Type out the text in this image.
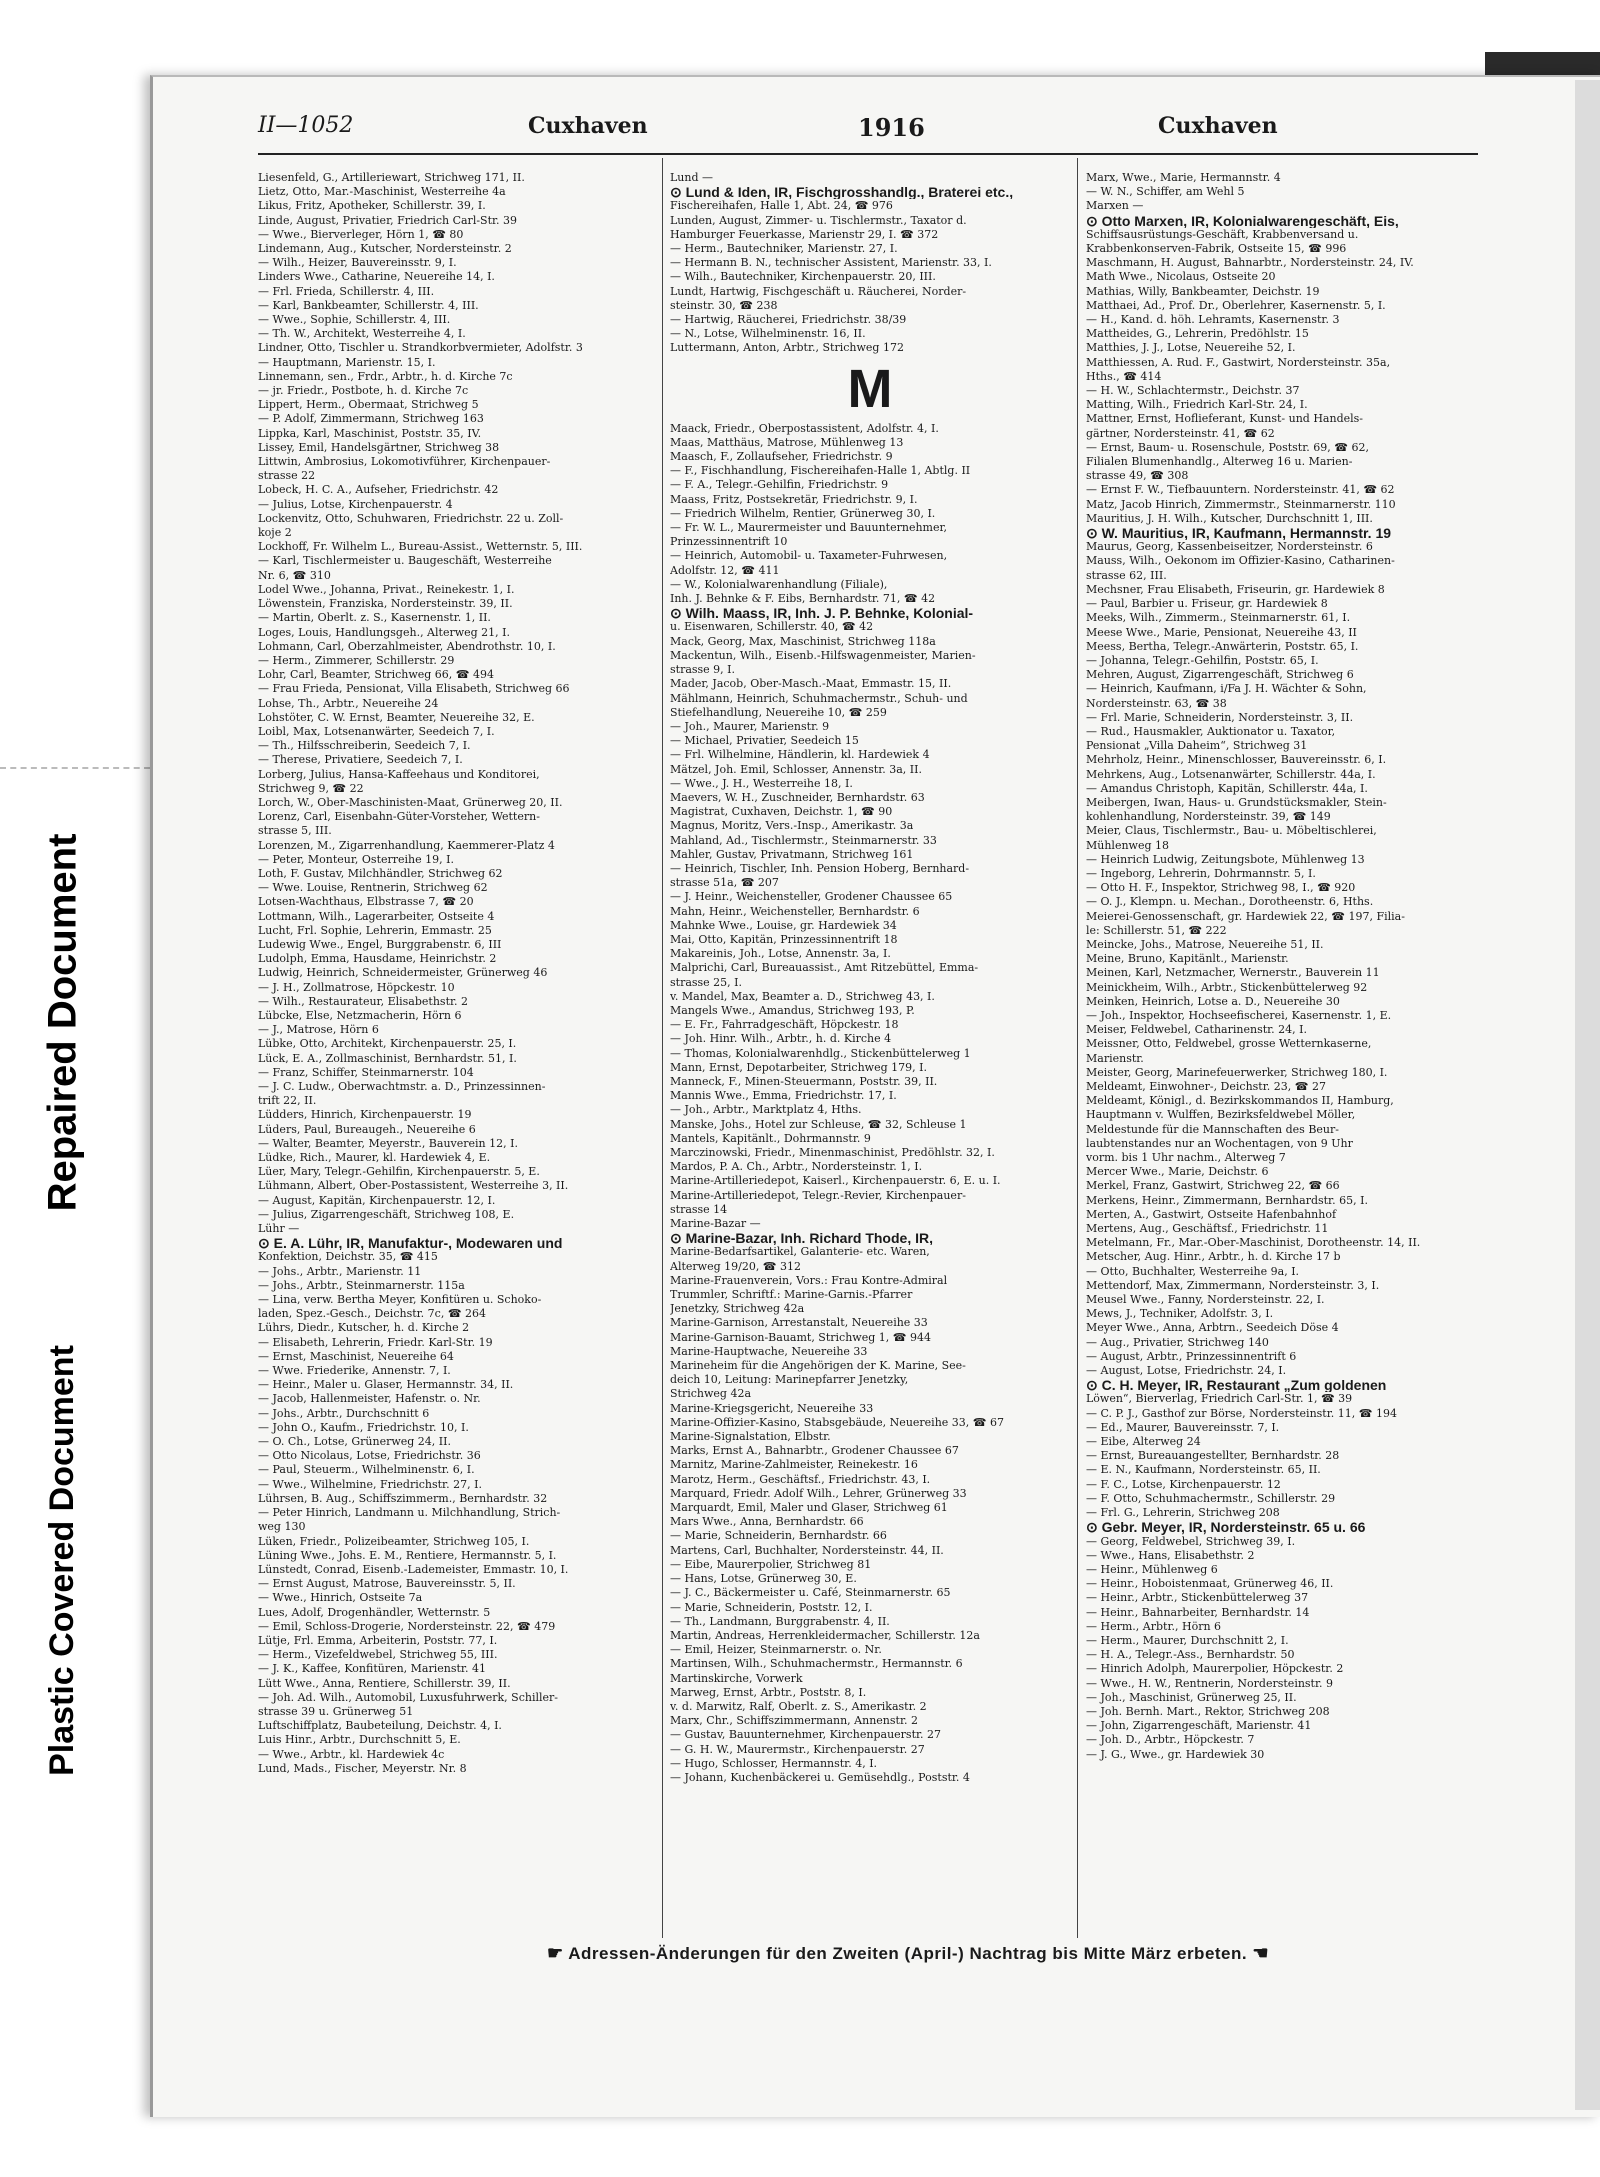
Repaired Document
Plastic Covered Document
II—1052	Cuxhaven	1916	Cuxhaven
Liesenfeld, G., Artilleriewart, Strichweg 171, II.
Lietz, Otto, Mar.-Maschinist, Westerreihe 4a
Likus, Fritz, Apotheker, Schillerstr. 39, I.
Linde, August, Privatier, Friedrich Carl-Str. 39
— Wwe., Bierverleger, Hörn 1, ☎ 80
Lindemann, Aug., Kutscher, Nordersteinstr. 2
— Wilh., Heizer, Bauvereinsstr. 9, I.
Linders Wwe., Catharine, Neuereihe 14, I.
— Frl. Frieda, Schillerstr. 4, III.
— Karl, Bankbeamter, Schillerstr. 4, III.
— Wwe., Sophie, Schillerstr. 4, III.
— Th. W., Architekt, Westerreihe 4, I.
Lindner, Otto, Tischler u. Strandkorbvermieter, Adolfstr. 3
— Hauptmann, Marienstr. 15, I.
Linnemann, sen., Frdr., Arbtr., h. d. Kirche 7c
— jr. Friedr., Postbote, h. d. Kirche 7c
Lippert, Herm., Obermaat, Strichweg 5
— P. Adolf, Zimmermann, Strichweg 163
Lippka, Karl, Maschinist, Poststr. 35, IV.
Lissey, Emil, Handelsgärtner, Strichweg 38
Littwin, Ambrosius, Lokomotivführer, Kirchenpauer-
strasse 22
Lobeck, H. C. A., Aufseher, Friedrichstr. 42
— Julius, Lotse, Kirchenpauerstr. 4
Lockenvitz, Otto, Schuhwaren, Friedrichstr. 22 u. Zoll-
koje 2
Lockhoff, Fr. Wilhelm L., Bureau-Assist., Wetternstr. 5, III.
— Karl, Tischlermeister u. Baugeschäft, Westerreihe
Nr. 6, ☎ 310
Lodel Wwe., Johanna, Privat., Reinekestr. 1, I.
Löwenstein, Franziska, Nordersteinstr. 39, II.
— Martin, Oberlt. z. S., Kasernenstr. 1, II.
Loges, Louis, Handlungsgeh., Alterweg 21, I.
Lohmann, Carl, Oberzahlmeister, Abendrothstr. 10, I.
— Herm., Zimmerer, Schillerstr. 29
Lohr, Carl, Beamter, Strichweg 66, ☎ 494
— Frau Frieda, Pensionat, Villa Elisabeth, Strichweg 66
Lohse, Th., Arbtr., Neuereihe 24
Lohstöter, C. W. Ernst, Beamter, Neuereihe 32, E.
Loibl, Max, Lotsenanwärter, Seedeich 7, I.
— Th., Hilfsschreiberin, Seedeich 7, I.
— Therese, Privatiere, Seedeich 7, I.
Lorberg, Julius, Hansa-Kaffeehaus und Konditorei,
Strichweg 9, ☎ 22
Lorch, W., Ober-Maschinisten-Maat, Grünerweg 20, II.
Lorenz, Carl, Eisenbahn-Güter-Vorsteher, Wettern-
strasse 5, III.
Lorenzen, M., Zigarrenhandlung, Kaemmerer-Platz 4
— Peter, Monteur, Osterreihe 19, I.
Loth, F. Gustav, Milchhändler, Strichweg 62
— Wwe. Louise, Rentnerin, Strichweg 62
Lotsen-Wachthaus, Elbstrasse 7, ☎ 20
Lottmann, Wilh., Lagerarbeiter, Ostseite 4
Lucht, Frl. Sophie, Lehrerin, Emmastr. 25
Ludewig Wwe., Engel, Burggrabenstr. 6, III
Ludolph, Emma, Hausdame, Heinrichstr. 2
Ludwig, Heinrich, Schneidermeister, Grünerweg 46
— J. H., Zollmatrose, Höpckestr. 10
— Wilh., Restaurateur, Elisabethstr. 2
Lübcke, Else, Netzmacherin, Hörn 6
— J., Matrose, Hörn 6
Lübke, Otto, Architekt, Kirchenpauerstr. 25, I.
Lück, E. A., Zollmaschinist, Bernhardstr. 51, I.
— Franz, Schiffer, Steinmarnerstr. 104
— J. C. Ludw., Oberwachtmstr. a. D., Prinzessinnen-
trift 22, II.
Lüdders, Hinrich, Kirchenpauerstr. 19
Lüders, Paul, Bureaugeh., Neuereihe 6
— Walter, Beamter, Meyerstr., Bauverein 12, I.
Lüdke, Rich., Maurer, kl. Hardewiek 4, E.
Lüer, Mary, Telegr.-Gehilfin, Kirchenpauerstr. 5, E.
Lühmann, Albert, Ober-Postassistent, Westerreihe 3, II.
— August, Kapitän, Kirchenpauerstr. 12, I.
— Julius, Zigarrengeschäft, Strichweg 108, E.
Lühr —
⊙ E. A. Lühr, IR, Manufaktur-, Modewaren und
Konfektion, Deichstr. 35, ☎ 415
— Johs., Arbtr., Marienstr. 11
— Johs., Arbtr., Steinmarnerstr. 115a
— Lina, verw. Bertha Meyer, Konfitüren u. Schoko-
laden, Spez.-Gesch., Deichstr. 7c, ☎ 264
Lührs, Diedr., Kutscher, h. d. Kirche 2
— Elisabeth, Lehrerin, Friedr. Karl-Str. 19
— Ernst, Maschinist, Neuereihe 64
— Wwe. Friederike, Annenstr. 7, I.
— Heinr., Maler u. Glaser, Hermannstr. 34, II.
— Jacob, Hallenmeister, Hafenstr. o. Nr.
— Johs., Arbtr., Durchschnitt 6
— John O., Kaufm., Friedrichstr. 10, I.
— O. Ch., Lotse, Grünerweg 24, II.
— Otto Nicolaus, Lotse, Friedrichstr. 36
— Paul, Steuerm., Wilhelminenstr. 6, I.
— Wwe., Wilhelmine, Friedrichstr. 27, I.
Lührsen, B. Aug., Schiffszimmerm., Bernhardstr. 32
— Peter Hinrich, Landmann u. Milchhandlung, Strich-
weg 130
Lüken, Friedr., Polizeibeamter, Strichweg 105, I.
Lüning Wwe., Johs. E. M., Rentiere, Hermannstr. 5, I.
Lünstedt, Conrad, Eisenb.-Lademeister, Emmastr. 10, I.
— Ernst August, Matrose, Bauvereinsstr. 5, II.
— Wwe., Hinrich, Ostseite 7a
Lues, Adolf, Drogenhändler, Wetternstr. 5
— Emil, Schloss-Drogerie, Nordersteinstr. 22, ☎ 479
Lütje, Frl. Emma, Arbeiterin, Poststr. 77, I.
— Herm., Vizefeldwebel, Strichweg 55, III.
— J. K., Kaffee, Konfitüren, Marienstr. 41
Lütt Wwe., Anna, Rentiere, Schillerstr. 39, II.
— Joh. Ad. Wilh., Automobil, Luxusfuhrwerk, Schiller-
strasse 39 u. Grünerweg 51
Luftschiffplatz, Baubeteilung, Deichstr. 4, I.
Luis Hinr., Arbtr., Durchschnitt 5, E.
— Wwe., Arbtr., kl. Hardewiek 4c
Lund, Mads., Fischer, Meyerstr. Nr. 8
Lund —
⊙ Lund & Iden, IR, Fischgrosshandlg., Braterei etc.,
Fischereihafen, Halle 1, Abt. 24, ☎ 976
Lunden, August, Zimmer- u. Tischlermstr., Taxator d.
Hamburger Feuerkasse, Marienstr 29, I. ☎ 372
— Herm., Bautechniker, Marienstr. 27, I.
— Hermann B. N., technischer Assistent, Marienstr. 33, I.
— Wilh., Bautechniker, Kirchenpauerstr. 20, III.
Lundt, Hartwig, Fischgeschäft u. Räucherei, Norder-
steinstr. 30, ☎ 238
— Hartwig, Räucherei, Friedrichstr. 38/39
— N., Lotse, Wilhelminenstr. 16, II.
Luttermann, Anton, Arbtr., Strichweg 172
M
Maack, Friedr., Oberpostassistent, Adolfstr. 4, I.
Maas, Matthäus, Matrose, Mühlenweg 13
Maasch, F., Zollaufseher, Friedrichstr. 9
— F., Fischhandlung, Fischereihafen-Halle 1, Abtlg. II
— F. A., Telegr.-Gehilfin, Friedrichstr. 9
Maass, Fritz, Postsekretär, Friedrichstr. 9, I.
— Friedrich Wilhelm, Rentier, Grünerweg 30, I.
— Fr. W. L., Maurermeister und Bauunternehmer,
Prinzessinnentrift 10
— Heinrich, Automobil- u. Taxameter-Fuhrwesen,
Adolfstr. 12, ☎ 411
— W., Kolonialwarenhandlung (Filiale),
Inh. J. Behnke & F. Eibs, Bernhardstr. 71, ☎ 42
⊙ Wilh. Maass, IR, Inh. J. P. Behnke, Kolonial-
u. Eisenwaren, Schillerstr. 40, ☎ 42
Mack, Georg, Max, Maschinist, Strichweg 118a
Mackentun, Wilh., Eisenb.-Hilfswagenmeister, Marien-
strasse 9, I.
Mader, Jacob, Ober-Masch.-Maat, Emmastr. 15, II.
Mählmann, Heinrich, Schuhmachermstr., Schuh- und
Stiefelhandlung, Neuereihe 10, ☎ 259
— Joh., Maurer, Marienstr. 9
— Michael, Privatier, Seedeich 15
— Frl. Wilhelmine, Händlerin, kl. Hardewiek 4
Mätzel, Joh. Emil, Schlosser, Annenstr. 3a, II.
— Wwe., J. H., Westerreihe 18, I.
Maevers, W. H., Zuschneider, Bernhardstr. 63
Magistrat, Cuxhaven, Deichstr. 1, ☎ 90
Magnus, Moritz, Vers.-Insp., Amerikastr. 3a
Mahland, Ad., Tischlermstr., Steinmarnerstr. 33
Mahler, Gustav, Privatmann, Strichweg 161
— Heinrich, Tischler, Inh. Pension Hoberg, Bernhard-
strasse 51a, ☎ 207
— J. Heinr., Weichensteller, Grodener Chaussee 65
Mahn, Heinr., Weichensteller, Bernhardstr. 6
Mahnke Wwe., Louise, gr. Hardewiek 34
Mai, Otto, Kapitän, Prinzessinnentrift 18
Makareinis, Joh., Lotse, Annenstr. 3a, I.
Malprichi, Carl, Bureauassist., Amt Ritzebüttel, Emma-
strasse 25, I.
v. Mandel, Max, Beamter a. D., Strichweg 43, I.
Mangels Wwe., Amandus, Strichweg 193, P.
— E. Fr., Fahrradgeschäft, Höpckestr. 18
— Joh. Hinr. Wilh., Arbtr., h. d. Kirche 4
— Thomas, Kolonialwarenhdlg., Stickenbüttelerweg 1
Mann, Ernst, Depotarbeiter, Strichweg 179, I.
Manneck, F., Minen-Steuermann, Poststr. 39, II.
Mannis Wwe., Emma, Friedrichstr. 17, I.
— Joh., Arbtr., Marktplatz 4, Hths.
Manske, Johs., Hotel zur Schleuse, ☎ 32, Schleuse 1
Mantels, Kapitänlt., Dohrmannstr. 9
Marczinowski, Friedr., Minenmaschinist, Predöhlstr. 32, I.
Mardos, P. A. Ch., Arbtr., Nordersteinstr. 1, I.
Marine-Artilleriedepot, Kaiserl., Kirchenpauerstr. 6, E. u. I.
Marine-Artilleriedepot, Telegr.-Revier, Kirchenpauer-
strasse 14
Marine-Bazar —
⊙ Marine-Bazar, Inh. Richard Thode, IR,
Marine-Bedarfsartikel, Galanterie- etc. Waren,
Alterweg 19/20, ☎ 312
Marine-Frauenverein, Vors.: Frau Kontre-Admiral
Trummler, Schriftf.: Marine-Garnis.-Pfarrer
Jenetzky, Strichweg 42a
Marine-Garnison, Arrestanstalt, Neuereihe 33
Marine-Garnison-Bauamt, Strichweg 1, ☎ 944
Marine-Hauptwache, Neuereihe 33
Marineheim für die Angehörigen der K. Marine, See-
deich 10, Leitung: Marinepfarrer Jenetzky,
Strichweg 42a
Marine-Kriegsgericht, Neuereihe 33
Marine-Offizier-Kasino, Stabsgebäude, Neuereihe 33, ☎ 67
Marine-Signalstation, Elbstr.
Marks, Ernst A., Bahnarbtr., Grodener Chaussee 67
Marnitz, Marine-Zahlmeister, Reinekestr. 16
Marotz, Herm., Geschäftsf., Friedrichstr. 43, I.
Marquard, Friedr. Adolf Wilh., Lehrer, Grünerweg 33
Marquardt, Emil, Maler und Glaser, Strichweg 61
Mars Wwe., Anna, Bernhardstr. 66
— Marie, Schneiderin, Bernhardstr. 66
Martens, Carl, Buchhalter, Nordersteinstr. 44, II.
— Eibe, Maurerpolier, Strichweg 81
— Hans, Lotse, Grünerweg 30, E.
— J. C., Bäckermeister u. Café, Steinmarnerstr. 65
— Marie, Schneiderin, Poststr. 12, I.
— Th., Landmann, Burggrabenstr. 4, II.
Martin, Andreas, Herrenkleidermacher, Schillerstr. 12a
— Emil, Heizer, Steinmarnerstr. o. Nr.
Martinsen, Wilh., Schuhmachermstr., Hermannstr. 6
Martinskirche, Vorwerk
Marweg, Ernst, Arbtr., Poststr. 8, I.
v. d. Marwitz, Ralf, Oberlt. z. S., Amerikastr. 2
Marx, Chr., Schiffszimmermann, Annenstr. 2
— Gustav, Bauunternehmer, Kirchenpauerstr. 27
— G. H. W., Maurermstr., Kirchenpauerstr. 27
— Hugo, Schlosser, Hermannstr. 4, I.
— Johann, Kuchenbäckerei u. Gemüsehdlg., Poststr. 4
Marx, Wwe., Marie, Hermannstr. 4
— W. N., Schiffer, am Wehl 5
Marxen —
⊙ Otto Marxen, IR, Kolonialwarengeschäft, Eis,
Schiffsausrüstungs-Geschäft, Krabbenversand u.
Krabbenkonserven-Fabrik, Ostseite 15, ☎ 996
Maschmann, H. August, Bahnarbtr., Nordersteinstr. 24, IV.
Math Wwe., Nicolaus, Ostseite 20
Mathias, Willy, Bankbeamter, Deichstr. 19
Matthaei, Ad., Prof. Dr., Oberlehrer, Kasernenstr. 5, I.
— H., Kand. d. höh. Lehramts, Kasernenstr. 3
Mattheides, G., Lehrerin, Predöhlstr. 15
Matthies, J. J., Lotse, Neuereihe 52, I.
Matthiessen, A. Rud. F., Gastwirt, Nordersteinstr. 35a,
Hths., ☎ 414
— H. W., Schlachtermstr., Deichstr. 37
Matting, Wilh., Friedrich Karl-Str. 24, I.
Mattner, Ernst, Hoflieferant, Kunst- und Handels-
gärtner, Nordersteinstr. 41, ☎ 62
— Ernst, Baum- u. Rosenschule, Poststr. 69, ☎ 62,
Filialen Blumenhandlg., Alterweg 16 u. Marien-
strasse 49, ☎ 308
— Ernst F. W., Tiefbauuntern. Nordersteinstr. 41, ☎ 62
Matz, Jacob Hinrich, Zimmermstr., Steinmarnerstr. 110
Mauritius, J. H. Wilh., Kutscher, Durchschnitt 1, III.
⊙ W. Mauritius, IR, Kaufmann, Hermannstr. 19
Maurus, Georg, Kassenbeiseitzer, Nordersteinstr. 6
Mauss, Wilh., Oekonom im Offizier-Kasino, Catharinen-
strasse 62, III.
Mechsner, Frau Elisabeth, Friseurin, gr. Hardewiek 8
— Paul, Barbier u. Friseur, gr. Hardewiek 8
Meeks, Wilh., Zimmerm., Steinmarnerstr. 61, I.
Meese Wwe., Marie, Pensionat, Neuereihe 43, II
Meess, Bertha, Telegr.-Anwärterin, Poststr. 65, I.
— Johanna, Telegr.-Gehilfin, Poststr. 65, I.
Mehren, August, Zigarrengeschäft, Strichweg 6
— Heinrich, Kaufmann, i/Fa J. H. Wächter & Sohn,
Nordersteinstr. 63, ☎ 38
— Frl. Marie, Schneiderin, Nordersteinstr. 3, II.
— Rud., Hausmakler, Auktionator u. Taxator,
Pensionat „Villa Daheim“, Strichweg 31
Mehrholz, Heinr., Minenschlosser, Bauvereinsstr. 6, I.
Mehrkens, Aug., Lotsenanwärter, Schillerstr. 44a, I.
— Amandus Christoph, Kapitän, Schillerstr. 44a, I.
Meibergen, Iwan, Haus- u. Grundstücksmakler, Stein-
kohlenhandlung, Nordersteinstr. 39, ☎ 149
Meier, Claus, Tischlermstr., Bau- u. Möbeltischlerei,
Mühlenweg 18
— Heinrich Ludwig, Zeitungsbote, Mühlenweg 13
— Ingeborg, Lehrerin, Dohrmannstr. 5, I.
— Otto H. F., Inspektor, Strichweg 98, I., ☎ 920
— O. J., Klempn. u. Mechan., Dorotheenstr. 6, Hths.
Meierei-Genossenschaft, gr. Hardewiek 22, ☎ 197, Filia-
le: Schillerstr. 51, ☎ 222
Meincke, Johs., Matrose, Neuereihe 51, II.
Meine, Bruno, Kapitänlt., Marienstr.
Meinen, Karl, Netzmacher, Wernerstr., Bauverein 11
Meinickheim, Wilh., Arbtr., Stickenbüttelerweg 92
Meinken, Heinrich, Lotse a. D., Neuereihe 30
— Joh., Inspektor, Hochseefischerei, Kasernenstr. 1, E.
Meiser, Feldwebel, Catharinenstr. 24, I.
Meissner, Otto, Feldwebel, grosse Wetternkaserne,
Marienstr.
Meister, Georg, Marinefeuerwerker, Strichweg 180, I.
Meldeamt, Einwohner-, Deichstr. 23, ☎ 27
Meldeamt, Königl., d. Bezirkskommandos II, Hamburg,
Hauptmann v. Wulffen, Bezirksfeldwebel Möller,
Meldestunde für die Mannschaften des Beur-
laubtenstandes nur an Wochentagen, von 9 Uhr
vorm. bis 1 Uhr nachm., Alterweg 7
Mercer Wwe., Marie, Deichstr. 6
Merkel, Franz, Gastwirt, Strichweg 22, ☎ 66
Merkens, Heinr., Zimmermann, Bernhardstr. 65, I.
Merten, A., Gastwirt, Ostseite Hafenbahnhof
Mertens, Aug., Geschäftsf., Friedrichstr. 11
Metelmann, Fr., Mar.-Ober-Maschinist, Dorotheenstr. 14, II.
Metscher, Aug. Hinr., Arbtr., h. d. Kirche 17 b
— Otto, Buchhalter, Westerreihe 9a, I.
Mettendorf, Max, Zimmermann, Nordersteinstr. 3, I.
Meusel Wwe., Fanny, Nordersteinstr. 22, I.
Mews, J., Techniker, Adolfstr. 3, I.
Meyer Wwe., Anna, Arbtrn., Seedeich Döse 4
— Aug., Privatier, Strichweg 140
— August, Arbtr., Prinzessinnentrift 6
— August, Lotse, Friedrichstr. 24, I.
⊙ C. H. Meyer, IR, Restaurant „Zum goldenen
Löwen“, Bierverlag, Friedrich Carl-Str. 1, ☎ 39
— C. P. J., Gasthof zur Börse, Nordersteinstr. 11, ☎ 194
— Ed., Maurer, Bauvereinsstr. 7, I.
— Eibe, Alterweg 24
— Ernst, Bureauangestellter, Bernhardstr. 28
— E. N., Kaufmann, Nordersteinstr. 65, II.
— F. C., Lotse, Kirchenpauerstr. 12
— F. Otto, Schuhmachermstr., Schillerstr. 29
— Frl. G., Lehrerin, Strichweg 208
⊙ Gebr. Meyer, IR, Nordersteinstr. 65 u. 66
— Georg, Feldwebel, Strichweg 39, I.
— Wwe., Hans, Elisabethstr. 2
— Heinr., Mühlenweg 6
— Heinr., Hoboistenmaat, Grünerweg 46, II.
— Heinr., Arbtr., Stickenbüttelerweg 37
— Heinr., Bahnarbeiter, Bernhardstr. 14
— Herm., Arbtr., Hörn 6
— Herm., Maurer, Durchschnitt 2, I.
— H. A., Telegr.-Ass., Bernhardstr. 50
— Hinrich Adolph, Maurerpolier, Höpckestr. 2
— Wwe., H. W., Rentnerin, Nordersteinstr. 9
— Joh., Maschinist, Grünerweg 25, II.
— Joh. Bernh. Mart., Rektor, Strichweg 208
— John, Zigarrengeschäft, Marienstr. 41
— Joh. D., Arbtr., Höpckestr. 7
— J. G., Wwe., gr. Hardewiek 30
☛ Adressen-Änderungen für den Zweiten (April-) Nachtrag bis Mitte März erbeten. ☚
